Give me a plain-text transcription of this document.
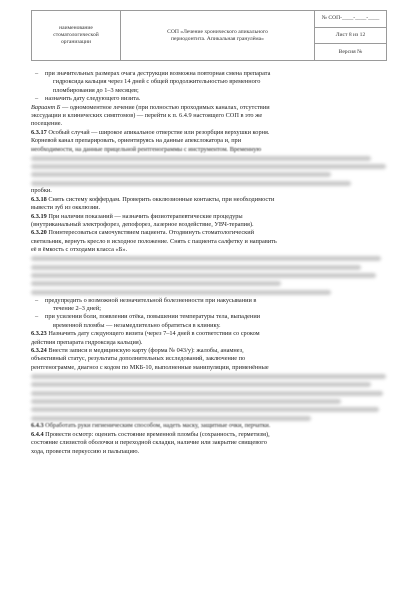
наименование
стоматологической
организации
СОП «Лечение хронического апикального
периодонтита. Апикальная гранулёма»
№ СОП-____-____-____
Лист 8 из 12
Версия №
– при значительных размерах очага деструкции возможна повторная смена препарата
гидроксида кальция через 14 дней с общей продолжительностью временного
пломбирования до 1–3 месяцев;
– назначить дату следующего визита.
Вариант Б — одномоментное лечение (при полностью проходимых каналах, отсутствии
экссудации и клинических симптомов) — перейти к п. 6.4.9 настоящего СОП в это же
посещение.
6.3.17 Особый случай — широкое апикальное отверстие или резорбция верхушки корня.
Корневой канал препарировать, ориентируясь на данные апекслокатора и, при
необходимости, на данные прицельной рентгенограммы с инструментом. Временную
пробки.
6.3.18 Снять систему коффердам. Проверить окклюзионные контакты, при необходимости
вывести зуб из окклюзии.
6.3.19 При наличии показаний — назначить физиотерапевтические процедуры
(внутриканальный электрофорез, депофорез, лазерное воздействие, УВЧ-терапия).
6.3.20 Поинтересоваться самочувствием пациента. Отодвинуть стоматологический
светильник, вернуть кресло в исходное положение. Снять с пациента салфетку и направить
её в ёмкость с отходами класса «Б».
– предупредить о возможной незначительной болезненности при накусывании в
течение 2–3 дней;
– при усилении боли, появлении отёка, повышении температуры тела, выпадении
временной пломбы — незамедлительно обратиться в клинику.
6.3.23 Назначить дату следующего визита (через 7–14 дней в соответствии со сроком
действия препарата гидроксида кальция).
6.3.24 Внести записи в медицинскую карту (форма № 043/у): жалобы, анамнез,
объективный статус, результаты дополнительных исследований, заключение по
рентгенограмме, диагноз с кодом по МКБ-10, выполненные манипуляции, применённые
6.4.3 Обработать руки гигиеническим способом, надеть маску, защитные очки, перчатки.
6.4.4 Провести осмотр: оценить состояние временной пломбы (сохранность, герметизм),
состояние слизистой оболочки и переходной складки, наличие или закрытие свищевого
хода, провести перкуссию и пальпацию.
